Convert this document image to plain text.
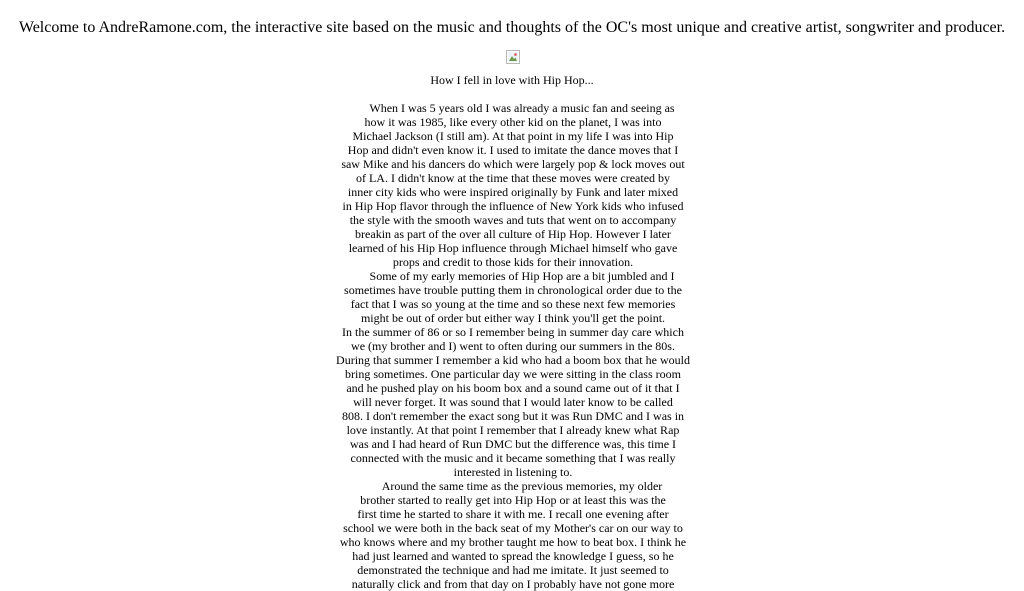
Welcome to AndreRamone.com, the interactive site based on the music and thoughts of the OC's most unique and creative artist, songwriter and producer.
How I fell in love with Hip Hop...

When I was 5 years old I was already a music fan and seeing as

how it was 1985, like every other kid on the planet, I was into

Michael Jackson (I still am). At that point in my life I was into Hip

Hop and didn't even know it. I used to imitate the dance moves that I

saw Mike and his dancers do which were largely pop & lock moves out

of LA. I didn't know at the time that these moves were created by

inner city kids who were inspired originally by Funk and later mixed

in Hip Hop flavor through the influence of New York kids who infused

the style with the smooth waves and tuts that went on to accompany

breakin as part of the over all culture of Hip Hop. However I later

learned of his Hip Hop influence through Michael himself who gave

props and credit to those kids for their innovation.

Some of my early memories of Hip Hop are a bit jumbled and I

sometimes have trouble putting them in chronological order due to the

fact that I was so young at the time and so these next few memories

might be out of order but either way I think you'll get the point.

In the summer of 86 or so I remember being in summer day care which

we (my brother and I) went to often during our summers in the 80s.

During that summer I remember a kid who had a boom box that he would

bring sometimes. One particular day we were sitting in the class room

and he pushed play on his boom box and a sound came out of it that I

will never forget. It was sound that I would later know to be called

808. I don't remember the exact song but it was Run DMC and I was in

love instantly. At that point I remember that I already knew what Rap

was and I had heard of Run DMC but the difference was, this time I

connected with the music and it became something that I was really

interested in listening to.

Around the same time as the previous memories, my older

brother started to really get into Hip Hop or at least this was the

first time he started to share it with me. I recall one evening after

school we were both in the back seat of my Mother's car on our way to

who knows where and my brother taught me how to beat box. I think he

had just learned and wanted to spread the knowledge I guess, so he

demonstrated the technique and had me imitate. It just seemed to

naturally click and from that day on I probably have not gone more
